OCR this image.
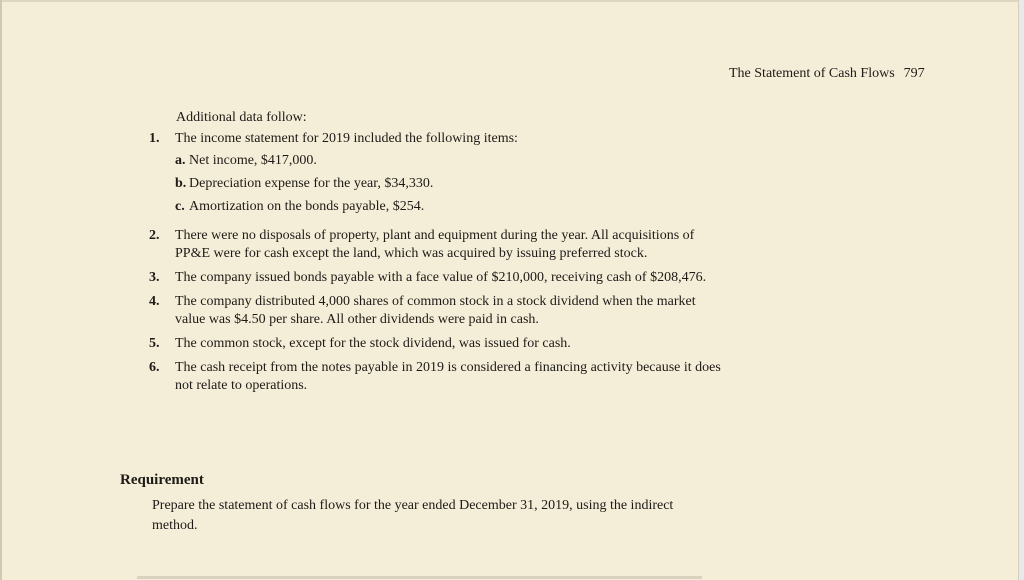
The Statement of Cash Flows 797
Additional data follow:
1.	The income statement for 2019 included the following items:
a. Net income, $417,000.
b. Depreciation expense for the year, $34,330.
c. Amortization on the bonds payable, $254.
2.	There were no disposals of property, plant and equipment during the year. All acquisitions of PP&E were for cash except the land, which was acquired by issuing preferred stock.
3.	The company issued bonds payable with a face value of $210,000, receiving cash of $208,476.
4.	The company distributed 4,000 shares of common stock in a stock dividend when the market value was $4.50 per share. All other dividends were paid in cash.
5.	The common stock, except for the stock dividend, was issued for cash.
6.	The cash receipt from the notes payable in 2019 is considered a financing activity because it does not relate to operations.
Requirement
Prepare the statement of cash flows for the year ended December 31, 2019, using the indirect method.
